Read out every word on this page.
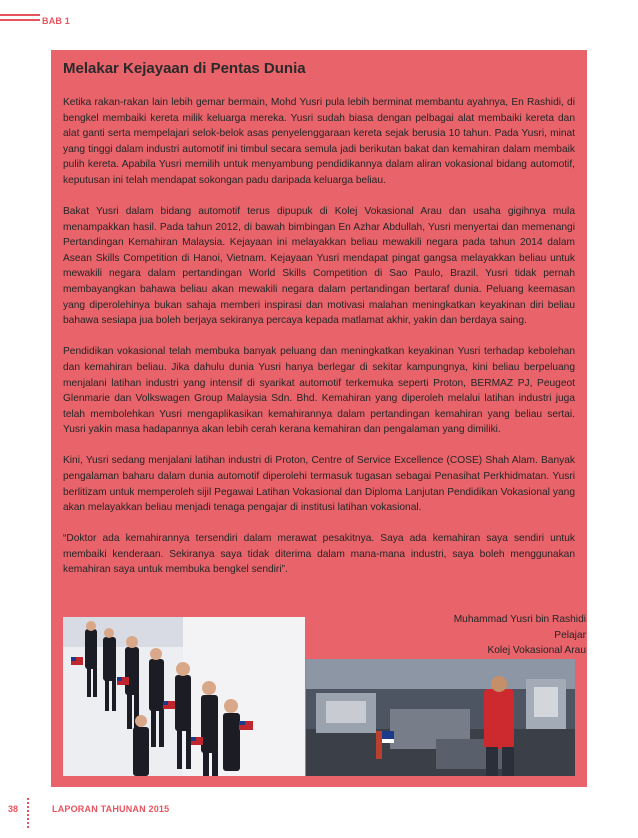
BAB 1
Melakar Kejayaan di Pentas Dunia

Ketika rakan-rakan lain lebih gemar bermain, Mohd Yusri pula lebih berminat membantu ayahnya, En Rashidi, di bengkel membaiki kereta milik keluarga mereka. Yusri sudah biasa dengan pelbagai alat membaiki kereta dan alat ganti serta mempelajari selok-belok asas penyelenggaraan kereta sejak berusia 10 tahun. Pada Yusri, minat yang tinggi dalam industri automotif ini timbul secara semula jadi berikutan bakat dan kemahiran dalam membaik pulih kereta. Apabila Yusri memilih untuk menyambung pendidikannya dalam aliran vokasional bidang automotif, keputusan ini telah mendapat sokongan padu daripada keluarga beliau.

Bakat Yusri dalam bidang automotif terus dipupuk di Kolej Vokasional Arau dan usaha gigihnya mula menampakkan hasil. Pada tahun 2012, di bawah bimbingan En Azhar Abdullah, Yusri menyertai dan memenangi Pertandingan Kemahiran Malaysia. Kejayaan ini melayakkan beliau mewakili negara pada tahun 2014 dalam Asean Skills Competition di Hanoi, Vietnam. Kejayaan Yusri mendapat pingat gangsa melayakkan beliau untuk mewakili negara dalam pertandingan World Skills Competition di Sao Paulo, Brazil. Yusri tidak pernah membayangkan bahawa beliau akan mewakili negara dalam pertandingan bertaraf dunia. Peluang keemasan yang diperolehinya bukan sahaja memberi inspirasi dan motivasi malahan meningkatkan keyakinan diri beliau bahawa sesiapa jua boleh berjaya sekiranya percaya kepada matlamat akhir, yakin dan berdaya saing.

Pendidikan vokasional telah membuka banyak peluang dan meningkatkan keyakinan Yusri terhadap kebolehan dan kemahiran beliau. Jika dahulu dunia Yusri hanya berlegar di sekitar kampungnya, kini beliau berpeluang menjalani latihan industri yang intensif di syarikat automotif terkemuka seperti Proton, BERMAZ PJ, Peugeot Glenmarie dan Volkswagen Group Malaysia Sdn. Bhd. Kemahiran yang diperoleh melalui latihan industri juga telah membolehkan Yusri mengaplikasikan kemahirannya dalam pertandingan kemahiran yang beliau sertai. Yusri yakin masa hadapannya akan lebih cerah kerana kemahiran dan pengalaman yang dimiliki.

Kini, Yusri sedang menjalani latihan industri di Proton, Centre of Service Excellence (COSE) Shah Alam. Banyak pengalaman baharu dalam dunia automotif diperolehi termasuk tugasan sebagai Penasihat Perkhidmatan. Yusri berlitizam untuk memperoleh sijil Pegawai Latihan Vokasional dan Diploma Lanjutan Pendidikan Vokasional yang akan melayakkan beliau menjadi tenaga pengajar di institusi latihan vokasional.

“Doktor ada kemahirannya tersendiri dalam merawat pesakitnya. Saya ada kemahiran saya sendiri untuk membaiki kenderaan. Sekiranya saya tidak diterima dalam mana-mana industri, saya boleh menggunakan kemahiran saya untuk membuka bengkel sendiri”.

Muhammad Yusri bin Rashidi
Pelajar
Kolej Vokasional Arau
38	LAPORAN TAHUNAN 2015
